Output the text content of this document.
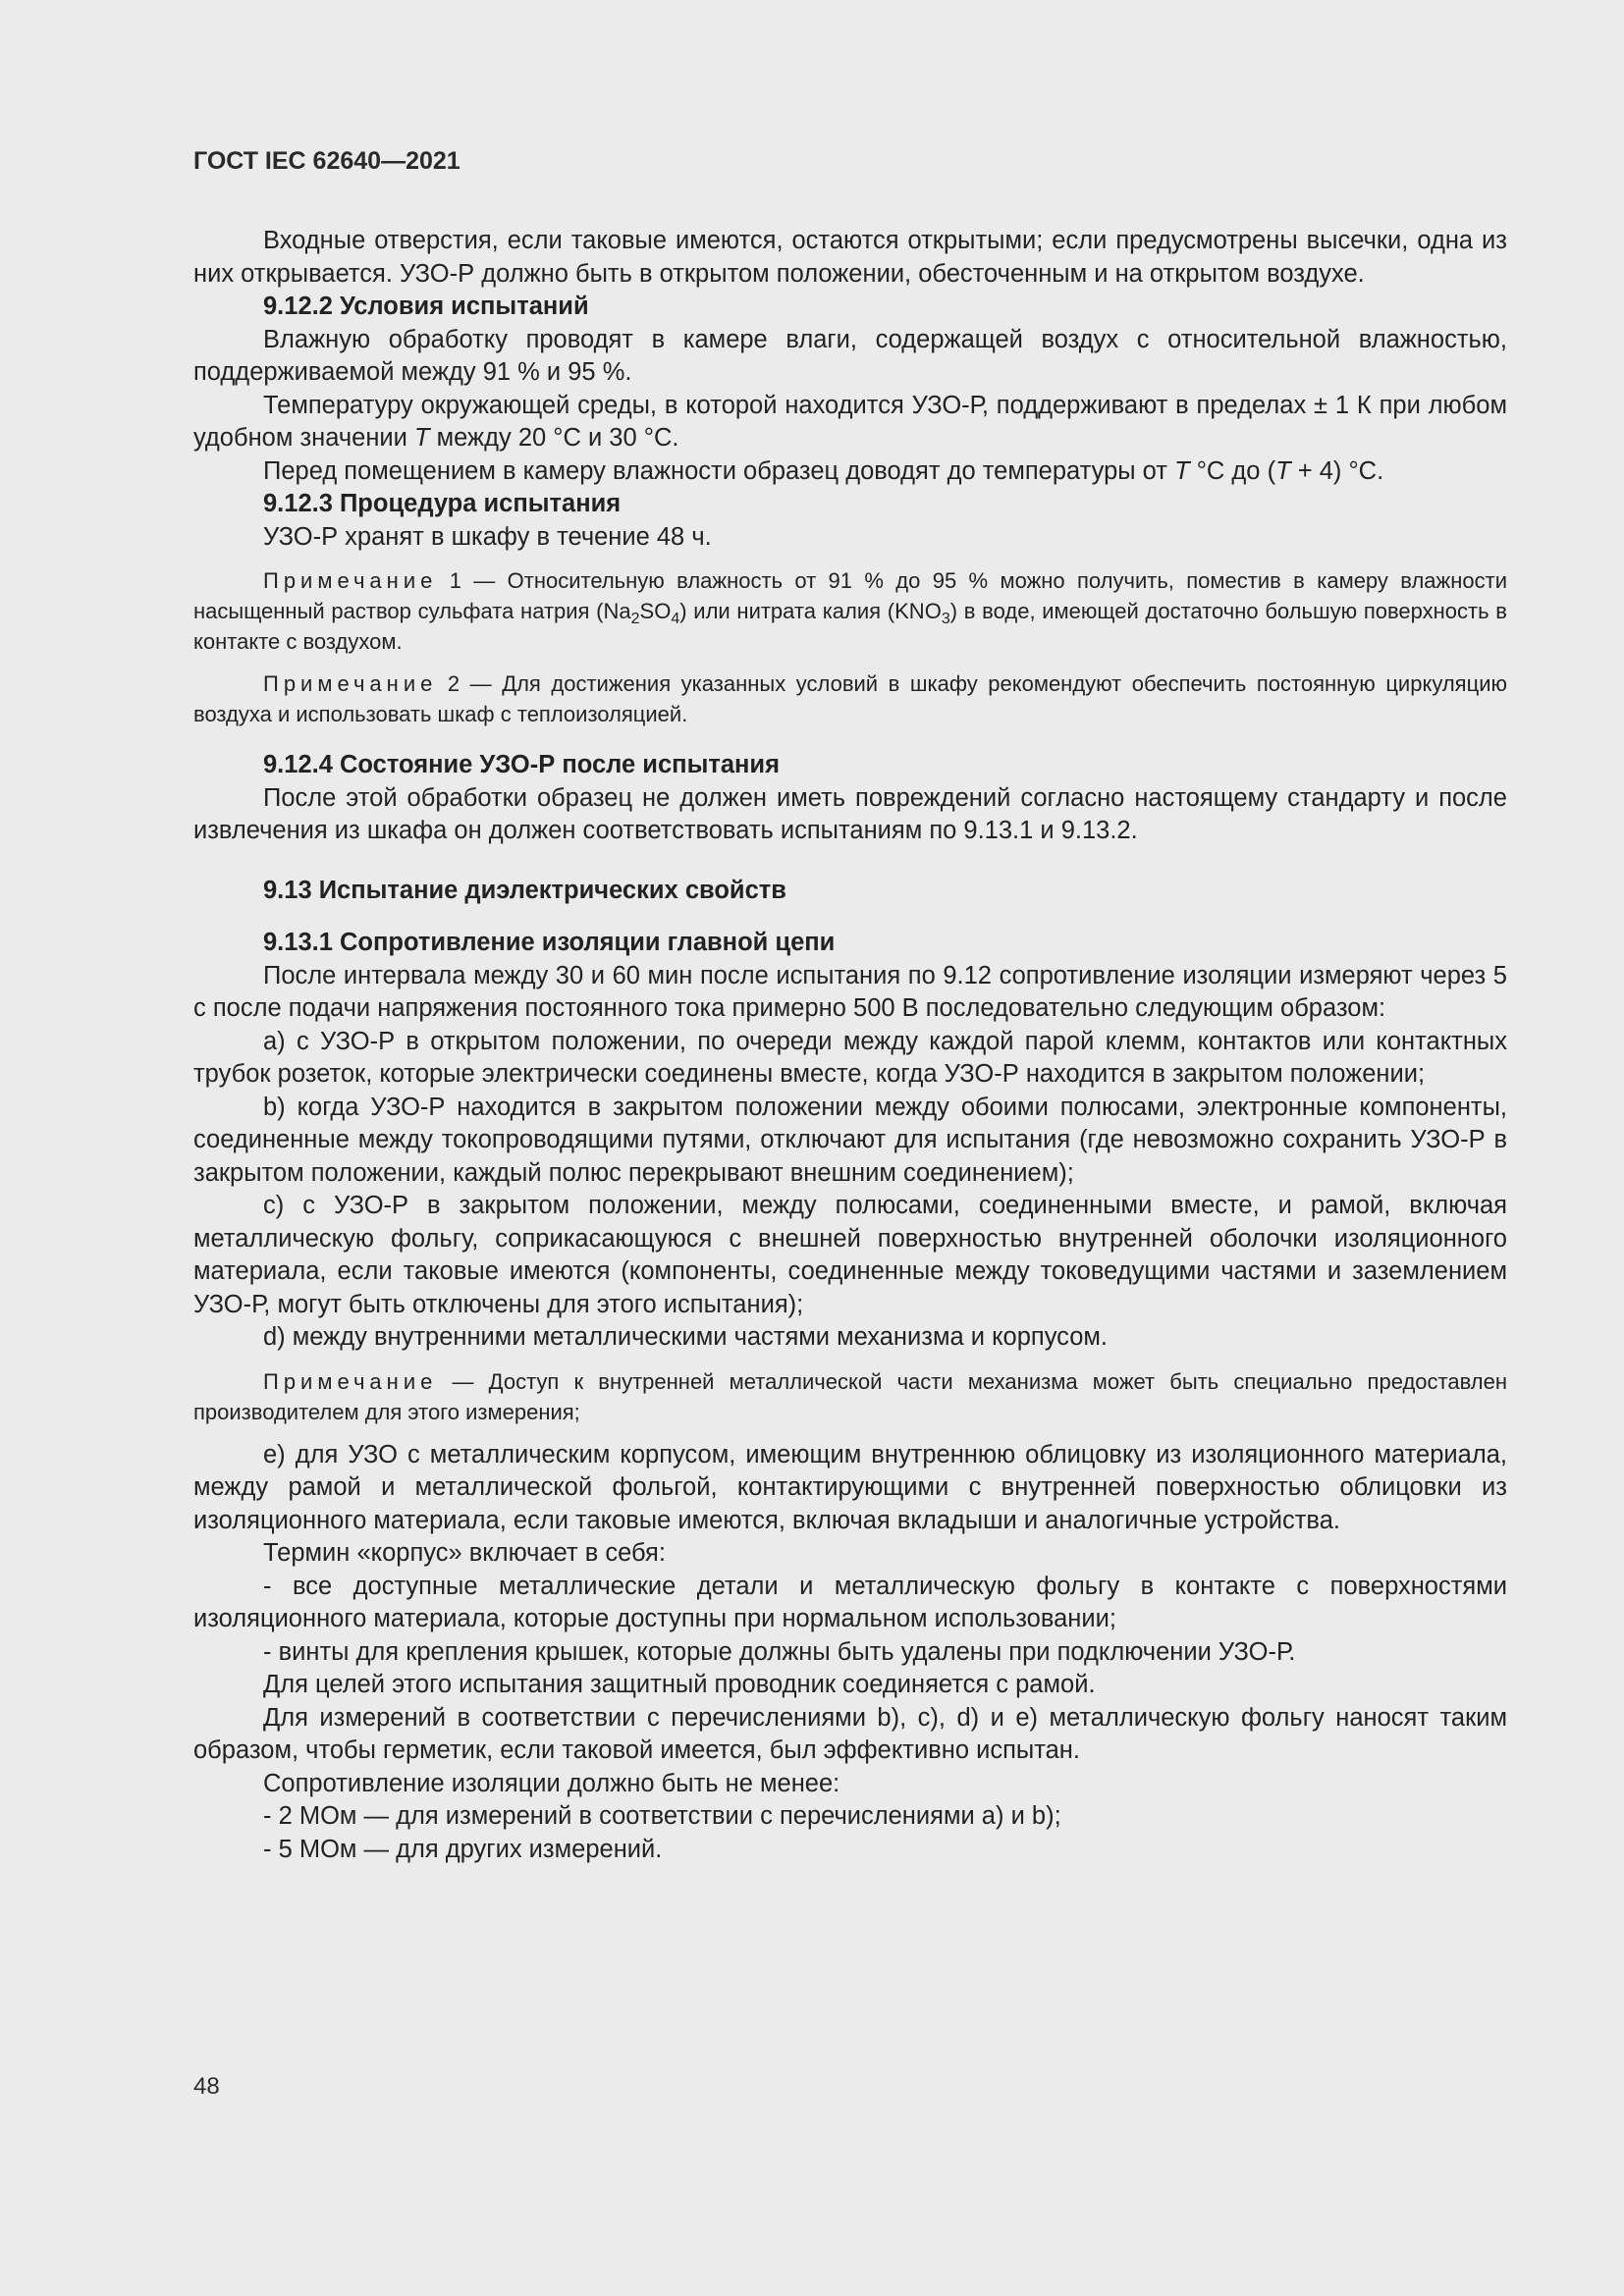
ГОСТ IEC 62640—2021

Входные отверстия, если таковые имеются, остаются открытыми; если предусмотрены высечки, одна из них открывается. УЗО-Р должно быть в открытом положении, обесточенным и на открытом воздухе.

9.12.2 Условия испытаний

Влажную обработку проводят в камере влаги, содержащей воздух с относительной влажностью, поддерживаемой между 91 % и 95 %.

Температуру окружающей среды, в которой находится УЗО-Р, поддерживают в пределах ± 1 К при любом удобном значении T между 20 °С и 30 °С.

Перед помещением в камеру влажности образец доводят до температуры от T °С до (T + 4) °С.

9.12.3 Процедура испытания

УЗО-Р хранят в шкафу в течение 48 ч.

Примечание 1 — Относительную влажность от 91 % до 95 % можно получить, поместив в камеру влажности насыщенный раствор сульфата натрия $(Na_2SO_4)$ или нитрата калия $(KNO_3)$ в воде, имеющей достаточно большую поверхность в контакте с воздухом.

Примечание 2 — Для достижения указанных условий в шкафу рекомендуют обеспечить постоянную циркуляцию воздуха и использовать шкаф с теплоизоляцией.

9.12.4 Состояние УЗО-Р после испытания

После этой обработки образец не должен иметь повреждений согласно настоящему стандарту и после извлечения из шкафа он должен соответствовать испытаниям по 9.13.1 и 9.13.2.

9.13 Испытание диэлектрических свойств

9.13.1 Сопротивление изоляции главной цепи

После интервала между 30 и 60 мин после испытания по 9.12 сопротивление изоляции измеряют через 5 с после подачи напряжения постоянного тока примерно 500 В последовательно следующим образом:

а) с УЗО-Р в открытом положении, по очереди между каждой парой клемм, контактов или контактных трубок розеток, которые электрически соединены вместе, когда УЗО-Р находится в закрытом положении;

b) когда УЗО-Р находится в закрытом положении между обоими полюсами, электронные компоненты, соединенные между токопроводящими путями, отключают для испытания (где невозможно сохранить УЗО-Р в закрытом положении, каждый полюс перекрывают внешним соединением);

c) с УЗО-Р в закрытом положении, между полюсами, соединенными вместе, и рамой, включая металлическую фольгу, соприкасающуюся с внешней поверхностью внутренней оболочки изоляционного материала, если таковые имеются (компоненты, соединенные между токоведущими частями и заземлением УЗО-Р, могут быть отключены для этого испытания);

d) между внутренними металлическими частями механизма и корпусом.

Примечание — Доступ к внутренней металлической части механизма может быть специально предоставлен производителем для этого измерения;

е) для УЗО с металлическим корпусом, имеющим внутреннюю облицовку из изоляционного материала, между рамой и металлической фольгой, контактирующими с внутренней поверхностью облицовки из изоляционного материала, если таковые имеются, включая вкладыши и аналогичные устройства.

Термин «корпус» включает в себя:

- все доступные металлические детали и металлическую фольгу в контакте с поверхностями изоляционного материала, которые доступны при нормальном использовании;

- винты для крепления крышек, которые должны быть удалены при подключении УЗО-Р.

Для целей этого испытания защитный проводник соединяется с рамой.

Для измерений в соответствии с перечислениями b), c), d) и е) металлическую фольгу наносят таким образом, чтобы герметик, если таковой имеется, был эффективно испытан.

Сопротивление изоляции должно быть не менее:

- 2 МОм — для измерений в соответствии с перечислениями а) и b);

- 5 МОм — для других измерений.

48
